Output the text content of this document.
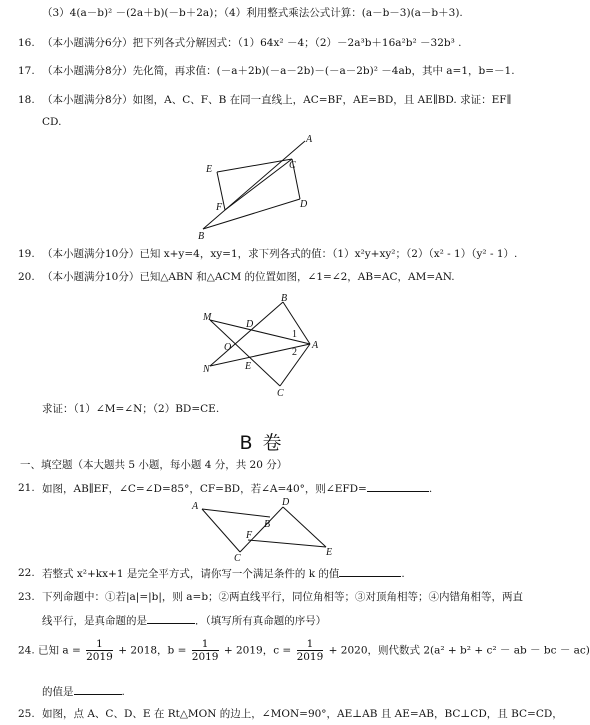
（3）4(a－b)² －(2a＋b)(－b＋2a)；（4）利用整式乘法公式计算：(a－b－3)(a－b＋3).
16. （本小题满分6分）把下列各式分解因式：（1）64x² －4；（2）－2a³b＋16a²b² －32b³ .
17. （本小题满分8分）先化简，再求值：(－a＋2b)(－a－2b)－(－a－2b)² －4ab，其中 a=1，b=－1.
18. （本小题满分8分）如图，A、C、F、B 在同一直线上，AC=BF，AE=BD，且 AE∥BD. 求证：EF∥
CD.
A
E	C
F	D
B
19. （本小题满分10分）已知 x+y=4，xy=1，求下列各式的值：（1）x²y+xy²；（2）（x² - 1）（y² - 1）.
20. （本小题满分10分）已知△ABN 和△ACM 的位置如图，∠1=∠2，AB=AC，AM=AN.
B
M
D
1
O	A
2
N	E
C
求证：（1）∠M=∠N；（2）BD=CE.
B 卷
一、填空题（本大题共 5 小题，每小题 4 分，共 20 分）
21. 如图，AB∥EF，∠C=∠D=85°，CF=BD，若∠A=40°，则∠EFD=	.
A
B
D
F
C
E
22. 若整式 x²+kx+1 是完全平方式，请你写一个满足条件的 k 的值	.
23. 下列命题中：①若|a|=|b|，则 a=b；②两直线平行，同位角相等；③对顶角相等；④内错角相等，两直
线平行，是真命题的是	．（填写所有真命题的序号）
24. 已知 $a = \frac{1}{2019} + 2018$，$b = \frac{1}{2019} + 2019$，$c = \frac{1}{2019} + 2020$，则代数式 2(a² + b² + c² － ab － bc － ac)
的值是	.
25. 如图，点 A、C、D、E 在 Rt△MON 的边上，∠MON=90°，AE⊥AB 且 AE=AB，BC⊥CD，且 BC=CD，
